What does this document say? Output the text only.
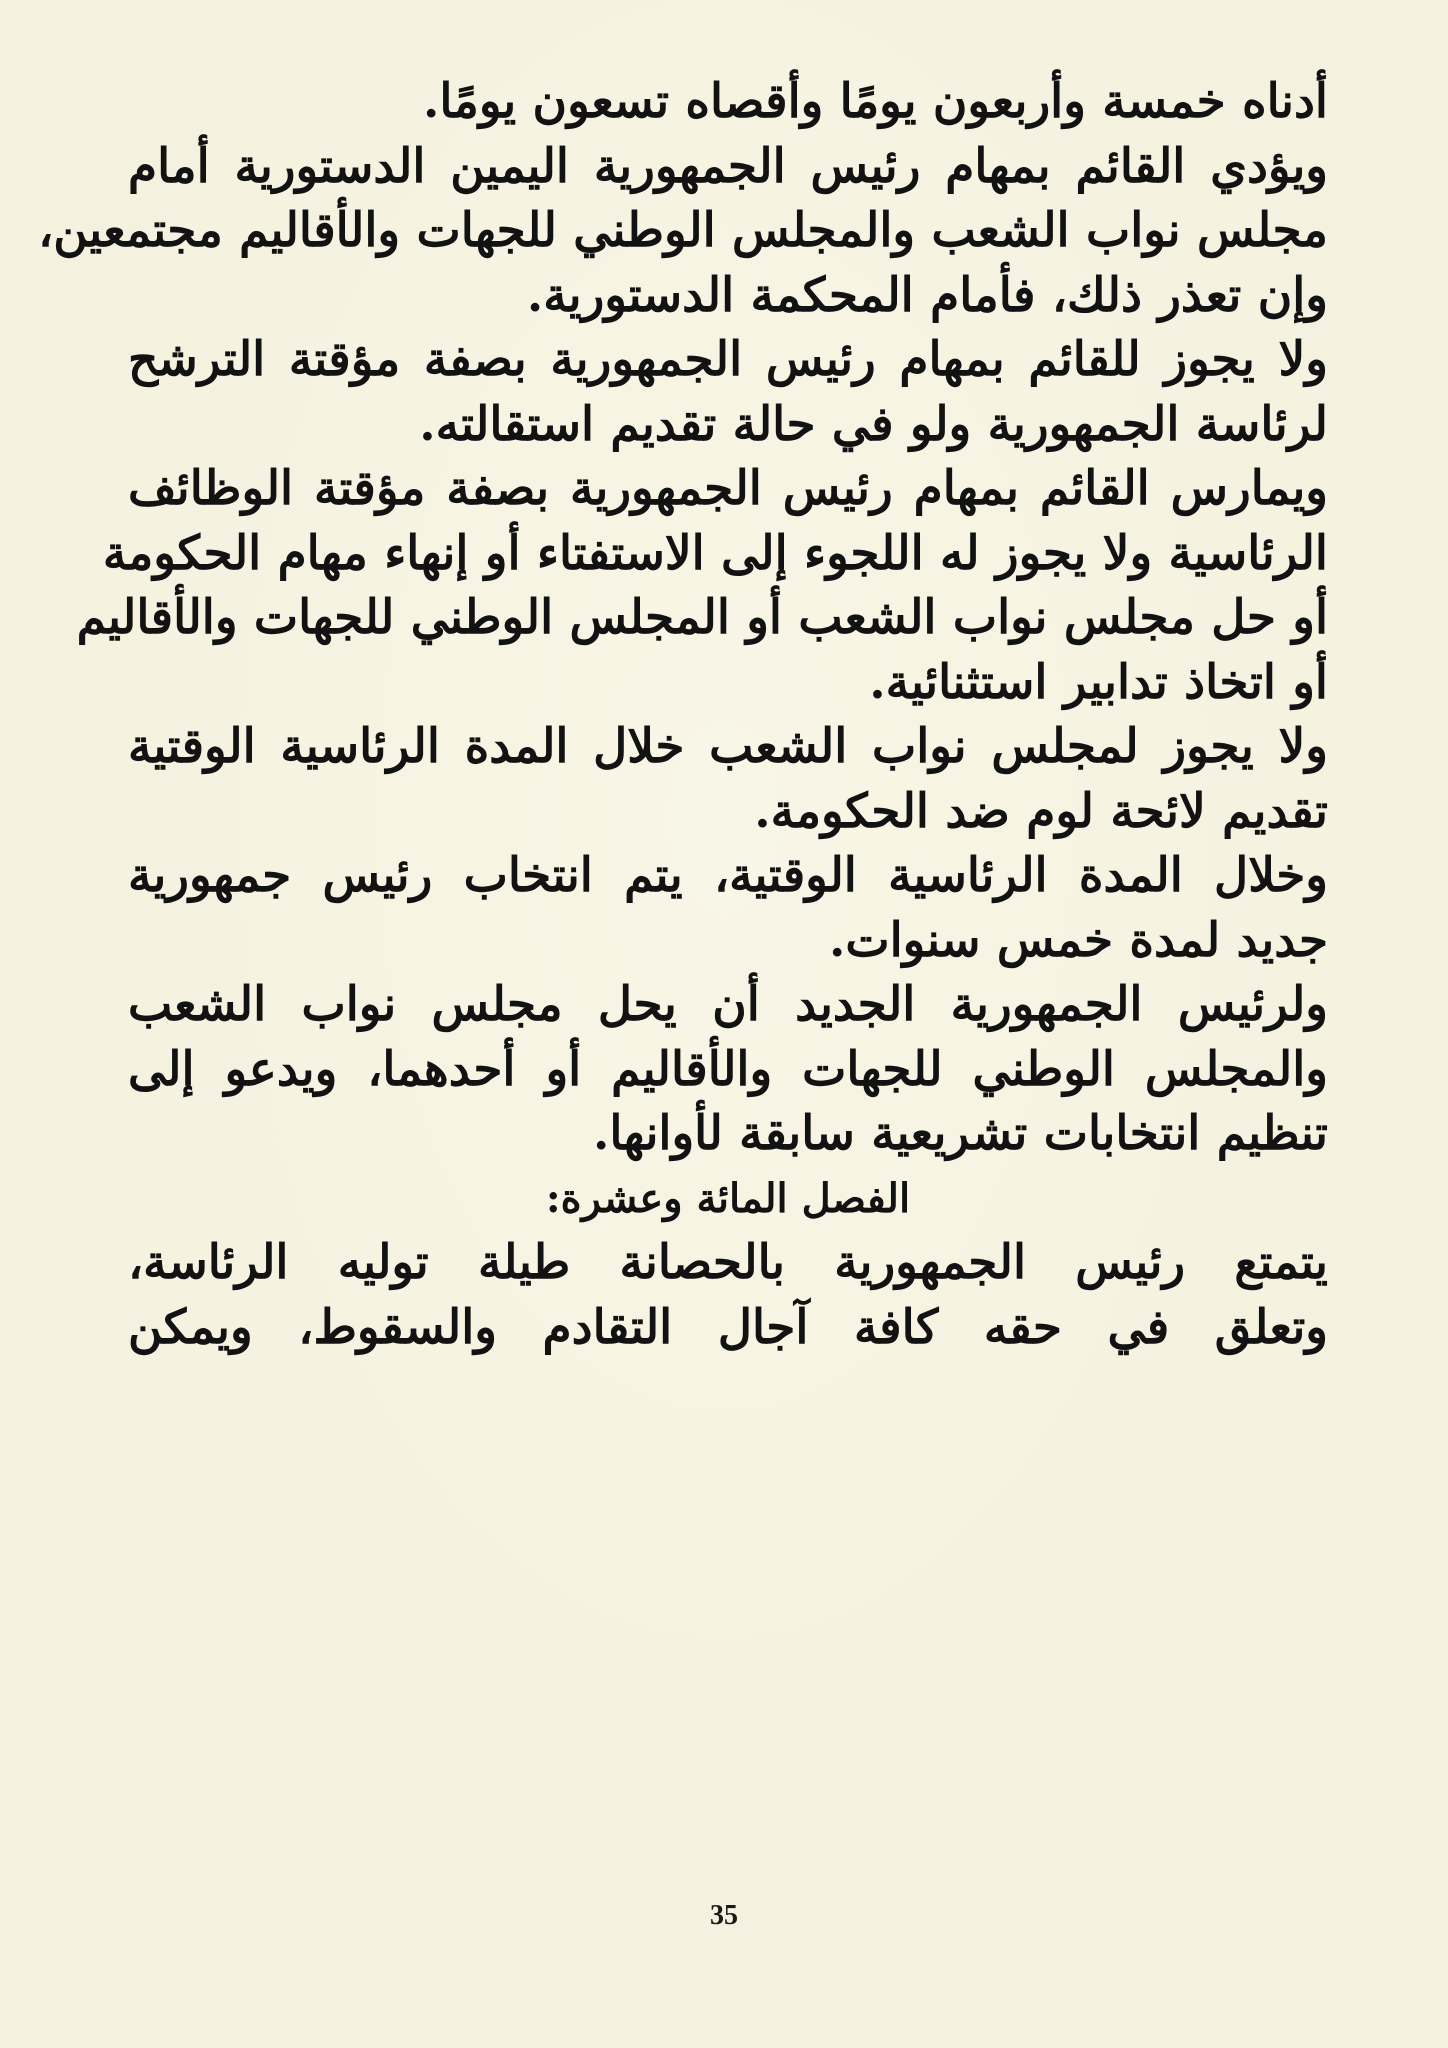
أدناه خمسة وأربعون يومًا وأقصاه تسعون يومًا.
ويؤدي القائم بمهام رئيس الجمهورية اليمين الدستورية أمام
مجلس نواب الشعب والمجلس الوطني للجهات والأقاليم مجتمعين،
وإن تعذر ذلك، فأمام المحكمة الدستورية.
ولا يجوز للقائم بمهام رئيس الجمهورية بصفة مؤقتة الترشح
لرئاسة الجمهورية ولو في حالة تقديم استقالته.
ويمارس القائم بمهام رئيس الجمهورية بصفة مؤقتة الوظائف
الرئاسية ولا يجوز له اللجوء إلى الاستفتاء أو إنهاء مهام الحكومة
أو حل مجلس نواب الشعب أو المجلس الوطني للجهات والأقاليم
أو اتخاذ تدابير استثنائية.
ولا يجوز لمجلس نواب الشعب خلال المدة الرئاسية الوقتية
تقديم لائحة لوم ضد الحكومة.
وخلال المدة الرئاسية الوقتية، يتم انتخاب رئيس جمهورية
جديد لمدة خمس سنوات.
ولرئيس الجمهورية الجديد أن يحل مجلس نواب الشعب
والمجلس الوطني للجهات والأقاليم أو أحدهما، ويدعو إلى
تنظيم انتخابات تشريعية سابقة لأوانها.
الفصل المائة وعشرة:
يتمتع رئيس الجمهورية بالحصانة طيلة توليه الرئاسة،
وتعلق في حقه كافة آجال التقادم والسقوط، ويمكن
35
